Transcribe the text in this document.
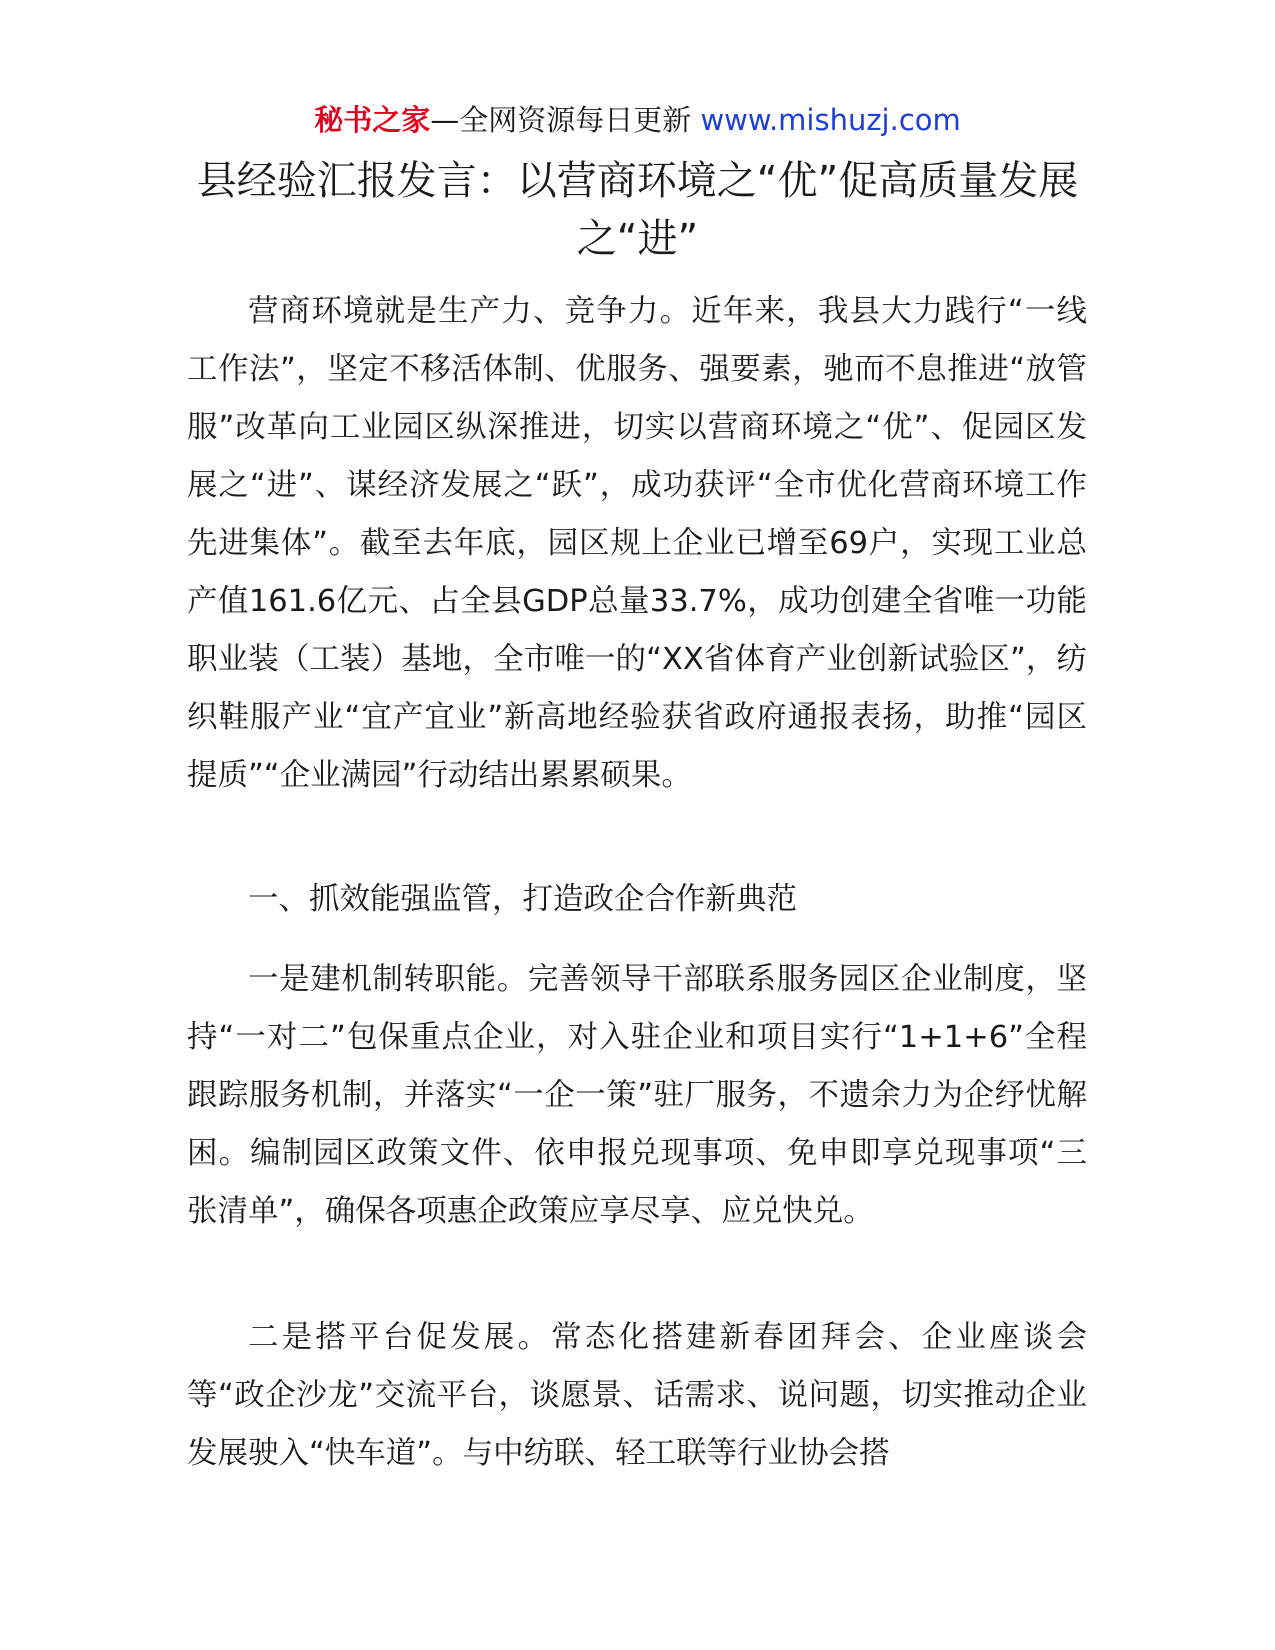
秘书之家—全网资源每日更新 www.mishuzj.com
县经验汇报发言：以营商环境之“优”促高质量发展之“进”

营商环境就是生产力、竞争力。近年来，我县大力践行“一线工作法”，坚定不移活体制、优服务、强要素，驰而不息推进“放管服”改革向工业园区纵深推进，切实以营商环境之“优”、促园区发展之“进”、谋经济发展之“跃”，成功获评“全市优化营商环境工作先进集体”。截至去年底，园区规上企业已增至69户，实现工业总产值161.6亿元、占全县GDP总量33.7%，成功创建全省唯一功能职业装（工装）基地，全市唯一的“XX省体育产业创新试验区”，纺织鞋服产业“宜产宜业”新高地经验获省政府通报表扬，助推“园区提质”“企业满园”行动结出累累硕果。

一、抓效能强监管，打造政企合作新典范

一是建机制转职能。完善领导干部联系服务园区企业制度，坚持“一对二”包保重点企业，对入驻企业和项目实行“1+1+6”全程跟踪服务机制，并落实“一企一策”驻厂服务，不遗余力为企纾忧解困。编制园区政策文件、依申报兑现事项、免申即享兑现事项“三张清单”，确保各项惠企政策应享尽享、应兑快兑。

二是搭平台促发展。常态化搭建新春团拜会、企业座谈会等“政企沙龙”交流平台，谈愿景、话需求、说问题，切实推动企业发展驶入“快车道”。与中纺联、轻工联等行业协会搭
